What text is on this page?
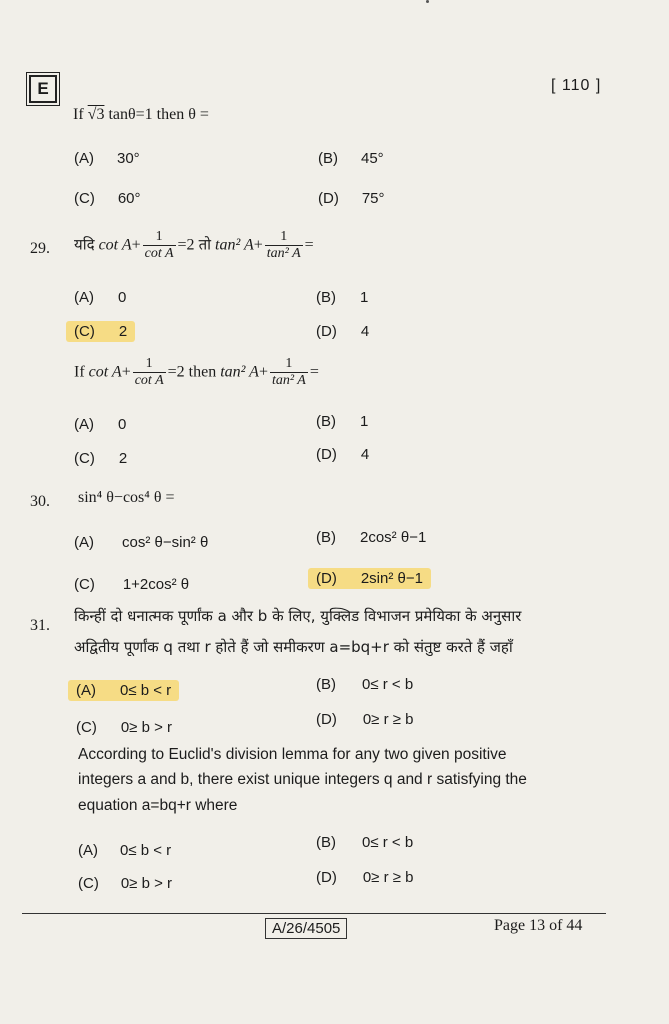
E	[ 110 ]
If √3 tanθ=1 then θ =
(A) 30°	(B) 45°
(C) 60°	(D) 75°
29. यदि $\cot A+ \frac{1}{\text{cot A}} =2$ तो tan² $A+ \frac{1}{\text{tan² A}}$ =
(A) 0	(B) 1
(C) 2	(D) 4
If $\cot A+ \frac{1}{\text{cot A}} =2$ then tan² $A+ \frac{1}{\text{tan² A}}$ =
(A) 0	(B) 1
(C) 2	(D) 4
30. sin⁴ θ−cos⁴ θ =
(A) cos² θ−sin² θ	(B) 2cos² θ−1
(C) 1+2cos² θ	(D) 2sin² θ−1
31.
किन्हीं दो धनात्मक पूर्णांक a और b के लिए, युक्लिड विभाजन प्रमेयिका के अनुसार
अद्वितीय पूर्णांक q तथा r होते हैं जो समीकरण a=bq+r को संतुष्ट करते हैं जहाँ
(A) 0≤ b < r	(B) 0≤ r < b
(C) 0≥ b > r	(D) 0≥ r ≥ b
According to Euclid's division lemma for any two given positive
integers a and b, there exist unique integers q and r satisfying the
equation a=bq+r where
(A) 0≤ b < r	(B) 0≤ r < b
(C) 0≥ b > r	(D) 0≥ r ≥ b
A/26/4505	Page 13 of 44
